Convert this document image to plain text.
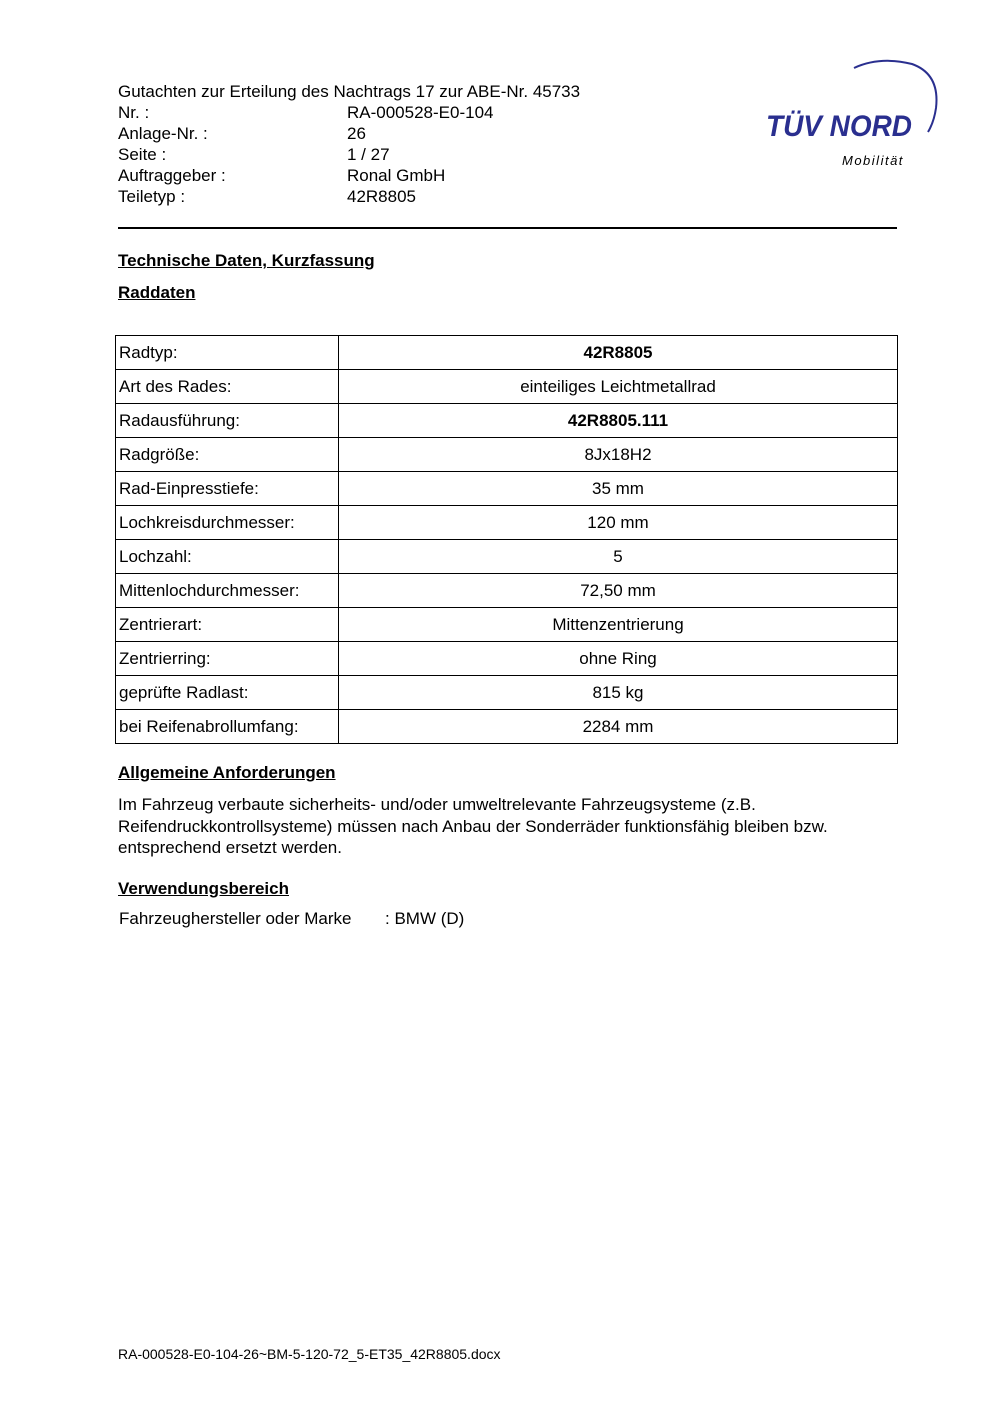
Gutachten zur Erteilung des Nachtrags 17 zur ABE-Nr. 45733
Nr. :	RA-000528-E0-104
Anlage-Nr. :	26
Seite :	1 / 27
Auftraggeber :	Ronal GmbH
Teiletyp :	42R8805
TÜV NORD
Mobilität
Technische Daten, Kurzfassung
Raddaten
Radtyp:	42R8805
Art des Rades:	einteiliges Leichtmetallrad
Radausführung:	42R8805.111
Radgröße:	8Jx18H2
Rad-Einpresstiefe:	35 mm
Lochkreisdurchmesser:	120 mm
Lochzahl:	5
Mittenlochdurchmesser:	72,50 mm
Zentrierart:	Mittenzentrierung
Zentrierring:	ohne Ring
geprüfte Radlast:	815 kg
bei Reifenabrollumfang:	2284 mm
Allgemeine Anforderungen
Im Fahrzeug verbaute sicherheits- und/oder umweltrelevante Fahrzeugsysteme (z.B. Reifendruckkontrollsysteme) müssen nach Anbau der Sonderräder funktionsfähig bleiben bzw. entsprechend ersetzt werden.
Verwendungsbereich
Fahrzeughersteller oder Marke	: BMW (D)
RA-000528-E0-104-26~BM-5-120-72_5-ET35_42R8805.docx
